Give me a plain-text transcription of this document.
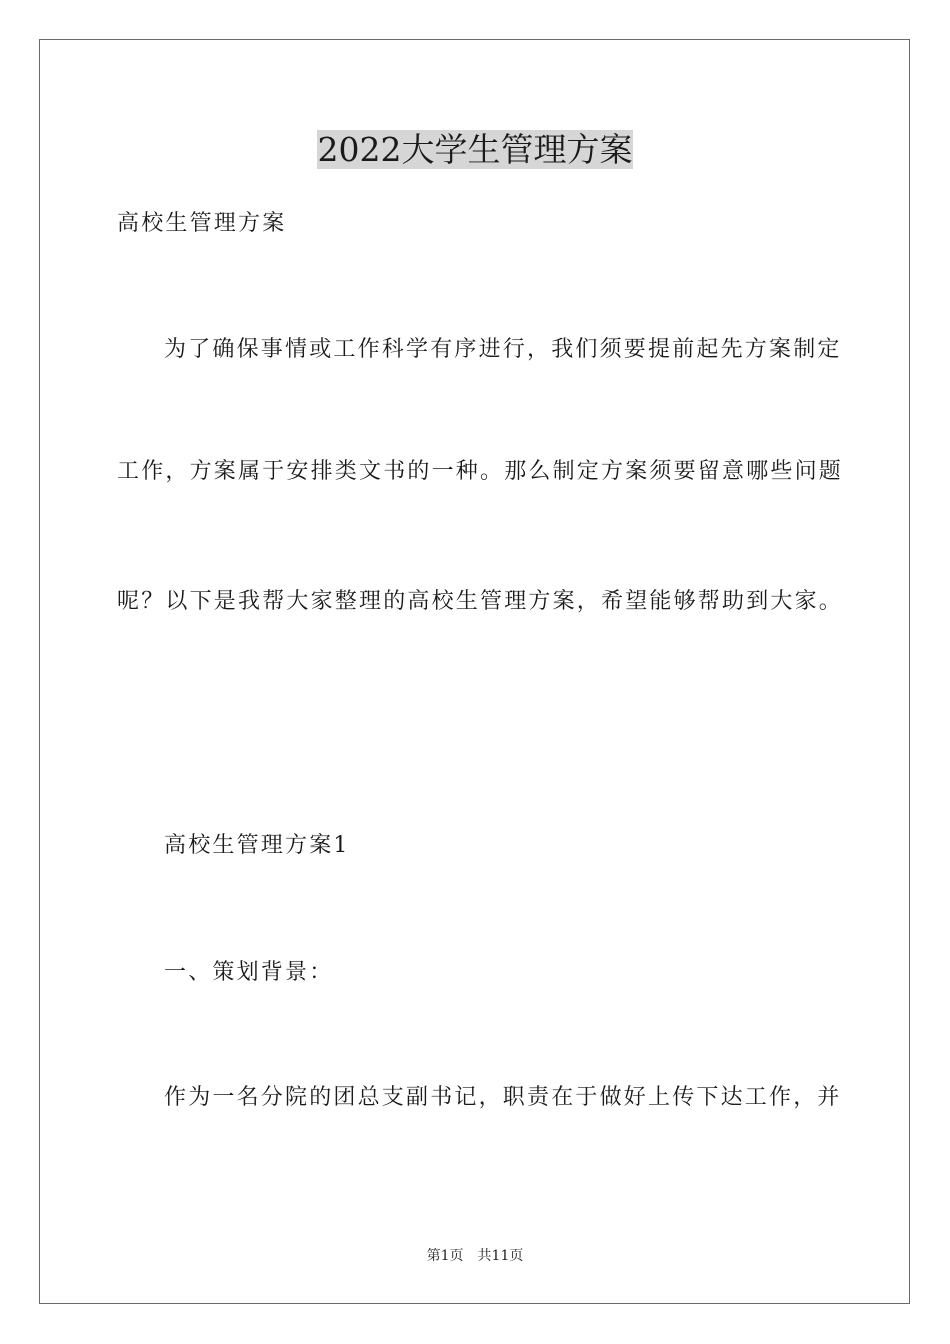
2022大学生管理方案
高校生管理方案
为了确保事情或工作科学有序进行，我们须要提前起先方案制定
工作，方案属于安排类文书的一种。那么制定方案须要留意哪些问题
呢？以下是我帮大家整理的高校生管理方案，希望能够帮助到大家。
高校生管理方案1
一、策划背景：
作为一名分院的团总支副书记，职责在于做好上传下达工作，并
第1页 共11页
